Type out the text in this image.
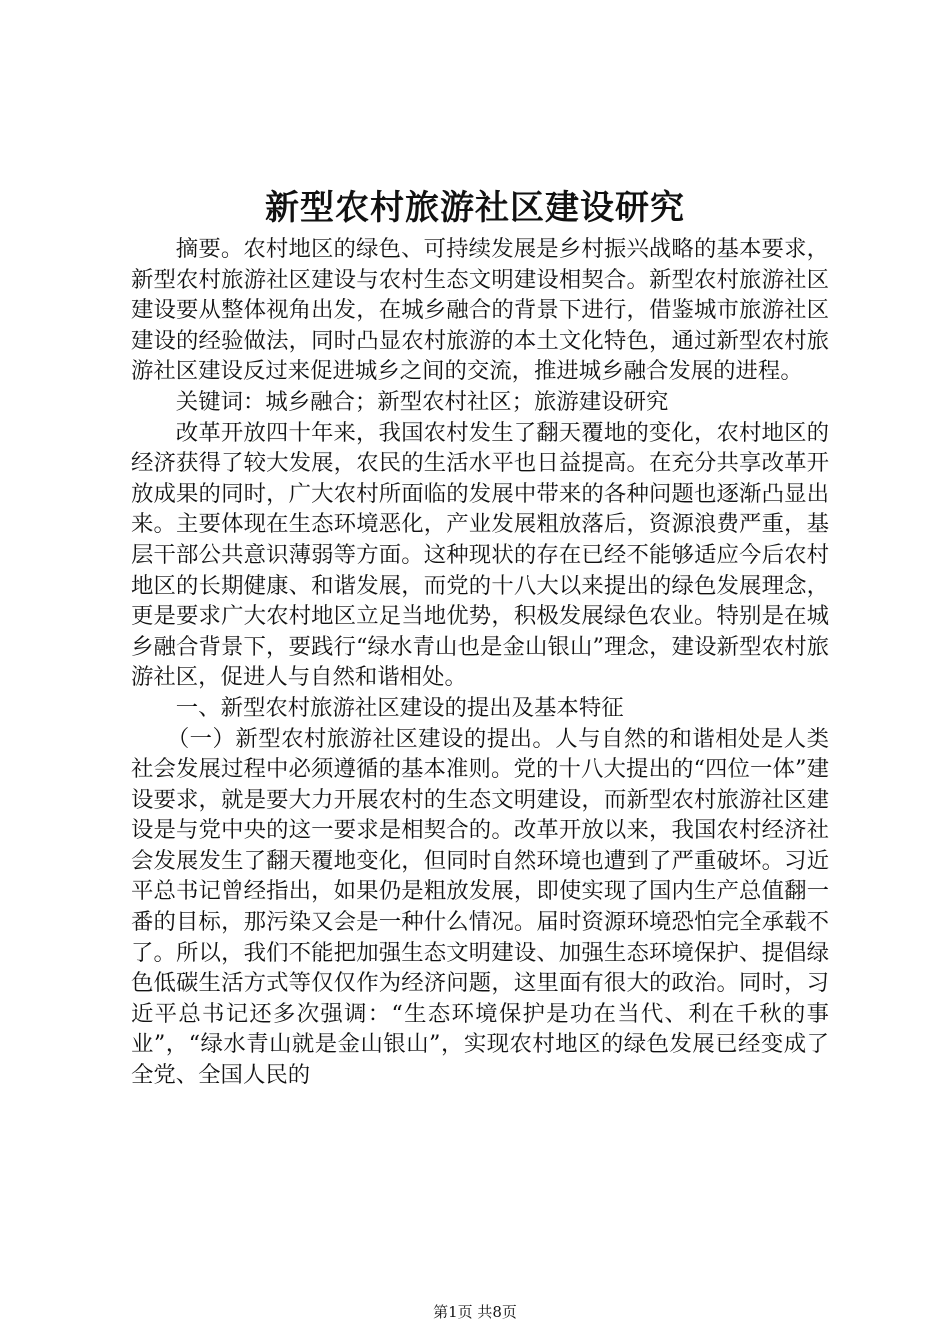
新型农村旅游社区建设研究

摘要。农村地区的绿色、可持续发展是乡村振兴战略的基本要求，新型农村旅游社区建设与农村生态文明建设相契合。新型农村旅游社区建设要从整体视角出发，在城乡融合的背景下进行，借鉴城市旅游社区建设的经验做法，同时凸显农村旅游的本土文化特色，通过新型农村旅游社区建设反过来促进城乡之间的交流，推进城乡融合发展的进程。

关键词：城乡融合；新型农村社区；旅游建设研究

改革开放四十年来，我国农村发生了翻天覆地的变化，农村地区的经济获得了较大发展，农民的生活水平也日益提高。在充分共享改革开放成果的同时，广大农村所面临的发展中带来的各种问题也逐渐凸显出来。主要体现在生态环境恶化，产业发展粗放落后，资源浪费严重，基层干部公共意识薄弱等方面。这种现状的存在已经不能够适应今后农村地区的长期健康、和谐发展，而党的十八大以来提出的绿色发展理念，更是要求广大农村地区立足当地优势，积极发展绿色农业。特别是在城乡融合背景下，要践行“绿水青山也是金山银山”理念，建设新型农村旅游社区，促进人与自然和谐相处。

一、新型农村旅游社区建设的提出及基本特征

（一）新型农村旅游社区建设的提出。人与自然的和谐相处是人类社会发展过程中必须遵循的基本准则。党的十八大提出的“四位一体”建设要求，就是要大力开展农村的生态文明建设，而新型农村旅游社区建设是与党中央的这一要求是相契合的。改革开放以来，我国农村经济社会发展发生了翻天覆地变化，但同时自然环境也遭到了严重破坏。习近平总书记曾经指出，如果仍是粗放发展，即使实现了国内生产总值翻一番的目标，那污染又会是一种什么情况。届时资源环境恐怕完全承载不了。所以，我们不能把加强生态文明建设、加强生态环境保护、提倡绿色低碳生活方式等仅仅作为经济问题，这里面有很大的政治。同时，习近平总书记还多次强调：“生态环境保护是功在当代、利在千秋的事业”，“绿水青山就是金山银山”，实现农村地区的绿色发展已经变成了全党、全国人民的

第1页 共8页
